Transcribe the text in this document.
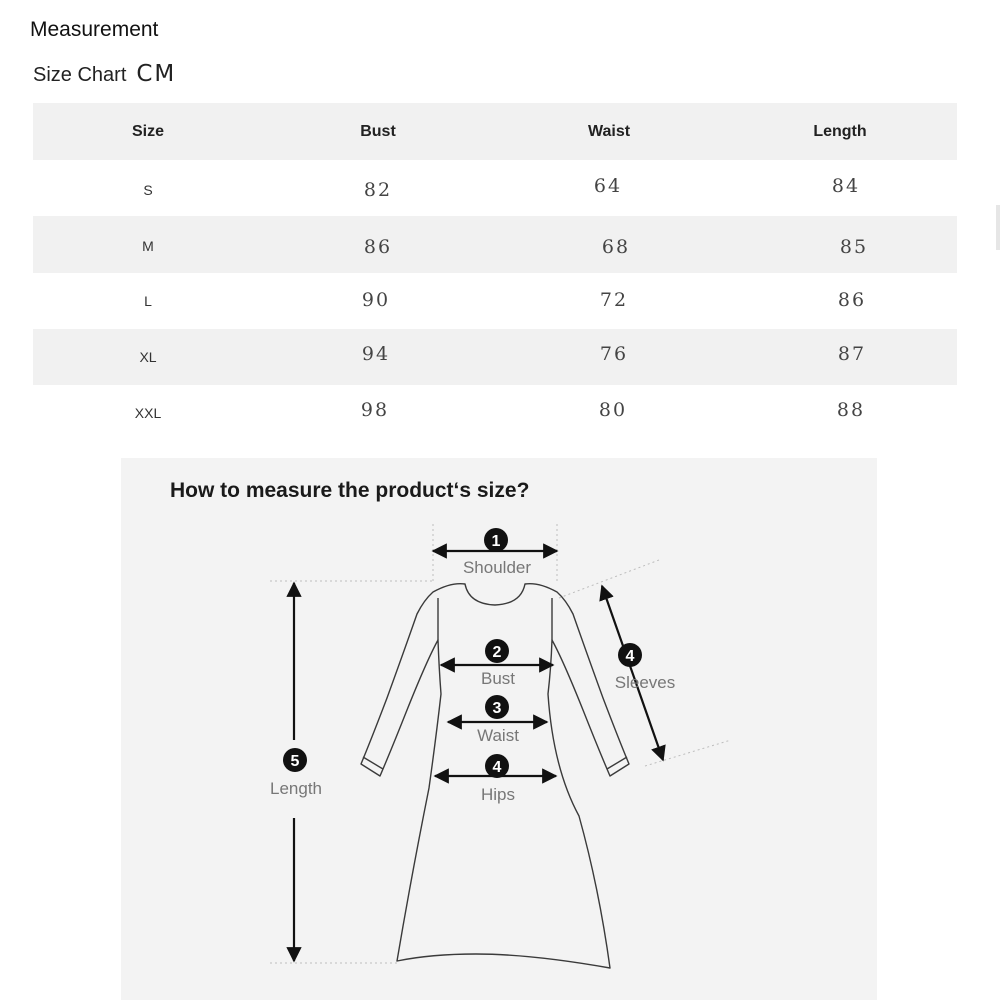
Measurement
Size Chart CM
Size	Bust	Waist	Length
S	82	64	84
M	86	68	85
L	90	72	86
XL	94	76	87
XXL	98	80	88
How to measure the product‘s size?
1
Shoulder
2
Bust
3
Waist
4
Hips
4
Sleeves
5
Length
